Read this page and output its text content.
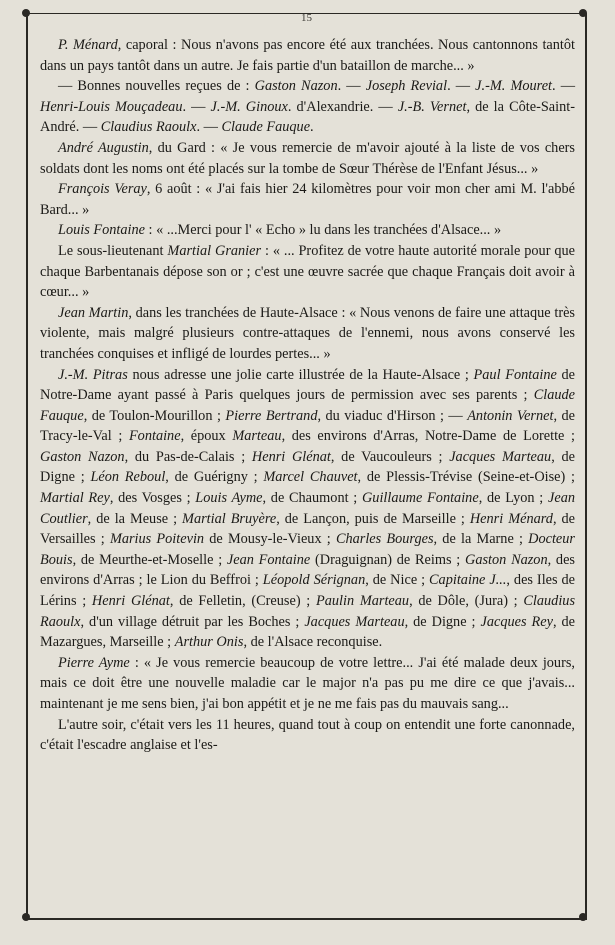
15

P. Ménard, caporal : Nous n'avons pas encore été aux tranchées. Nous cantonnons tantôt dans un pays tantôt dans un autre. Je fais partie d'un bataillon de marche... »

— Bonnes nouvelles reçues de : Gaston Nazon. — Joseph Revial. — J.-M. Mouret. — Henri-Louis Mouçadeau. — J.-M. Ginoux. d'Alexandrie. — J.-B. Vernet, de la Côte-Saint-André. — Claudius Raoulx. — Claude Fauque.

André Augustin, du Gard : « Je vous remercie de m'avoir ajouté à la liste de vos chers soldats dont les noms ont été placés sur la tombe de Sœur Thérèse de l'Enfant Jésus... »

François Veray, 6 août : « J'ai fais hier 24 kilomètres pour voir mon cher ami M. l'abbé Bard... »

Louis Fontaine : « ...Merci pour l' « Echo » lu dans les tranchées d'Alsace... »

Le sous-lieutenant Martial Granier : « ... Profitez de votre haute autorité morale pour que chaque Barbentanais dépose son or ; c'est une œuvre sacrée que chaque Français doit avoir à cœur... »

Jean Martin, dans les tranchées de Haute-Alsace : « Nous venons de faire une attaque très violente, mais malgré plusieurs contre-attaques de l'ennemi, nous avons conservé les tranchées conquises et infligé de lourdes pertes... »

J.-M. Pitras nous adresse une jolie carte illustrée de la Haute-Alsace ; Paul Fontaine de Notre-Dame ayant passé à Paris quelques jours de permission avec ses parents ; Claude Fauque, de Toulon-Mourillon ; Pierre Bertrand, du viaduc d'Hirson ; — Antonin Vernet, de Tracy-le-Val ; Fontaine, époux Marteau, des environs d'Arras, Notre-Dame de Lorette ; Gaston Nazon, du Pas-de-Calais ; Henri Glénat, de Vaucouleurs ; Jacques Marteau, de Digne ; Léon Reboul, de Guérigny ; Marcel Chauvet, de Plessis-Trévise (Seine-et-Oise) ; Martial Rey, des Vosges ; Louis Ayme, de Chaumont ; Guillaume Fontaine, de Lyon ; Jean Coutlier, de la Meuse ; Martial Bruyère, de Lançon, puis de Marseille ; Henri Ménard, de Versailles ; Marius Poitevin de Mousy-le-Vieux ; Charles Bourges, de la Marne ; Docteur Bouis, de Meurthe-et-Moselle ; Jean Fontaine (Draguignan) de Reims ; Gaston Nazon, des environs d'Arras ; le Lion du Beffroi ; Léopold Sérignan, de Nice ; Capitaine J..., des Iles de Lérins ; Henri Glénat, de Felletin, (Creuse) ; Paulin Marteau, de Dôle, (Jura) ; Claudius Raoulx, d'un village détruit par les Boches ; Jacques Marteau, de Digne ; Jacques Rey, de Mazargues, Marseille ; Arthur Onis, de l'Alsace reconquise.

Pierre Ayme : « Je vous remercie beaucoup de votre lettre... J'ai été malade deux jours, mais ce doit être une nouvelle maladie car le major n'a pas pu me dire ce que j'avais... maintenant je me sens bien, j'ai bon appétit et je ne me fais pas du mauvais sang...

L'autre soir, c'était vers les 11 heures, quand tout à coup on entendit une forte canonnade, c'était l'escadre anglaise et l'es-
